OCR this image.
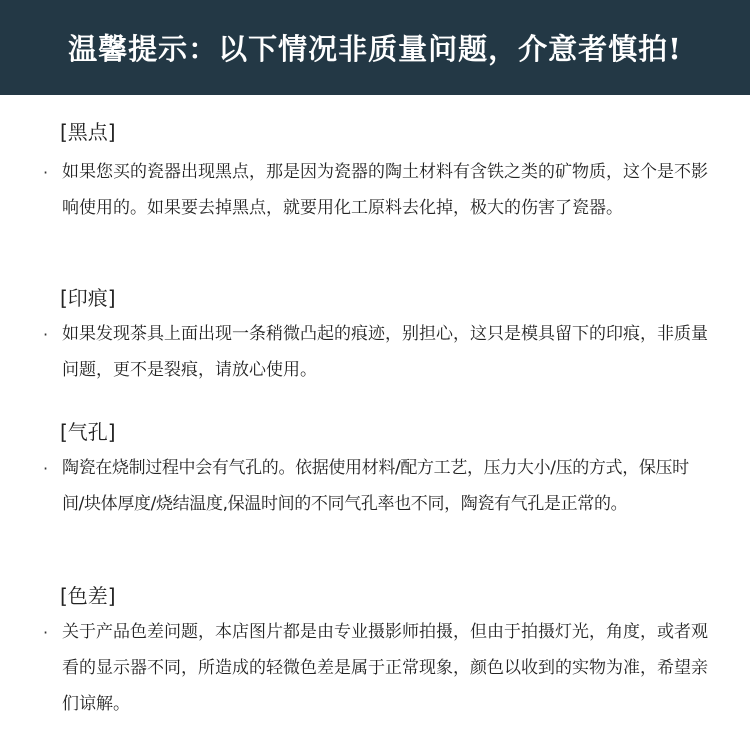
温馨提示：以下情况非质量问题，介意者慎拍!
[黑点]
· 如果您买的瓷器出现黑点，那是因为瓷器的陶土材料有含铁之类的矿物质，这个是不影响使用的。如果要去掉黑点，就要用化工原料去化掉，极大的伤害了瓷器。

[印痕]
· 如果发现茶具上面出现一条稍微凸起的痕迹，别担心，这只是模具留下的印痕，非质量问题，更不是裂痕，请放心使用。

[气孔]
· 陶瓷在烧制过程中会有气孔的。依据使用材料/配方工艺，压力大小/压的方式，保压时间/块体厚度/烧结温度,保温时间的不同气孔率也不同，陶瓷有气孔是正常的。

[色差]
· 关于产品色差问题，本店图片都是由专业摄影师拍摄，但由于拍摄灯光，角度，或者观看的显示器不同，所造成的轻微色差是属于正常现象，颜色以收到的实物为准，希望亲们谅解。
